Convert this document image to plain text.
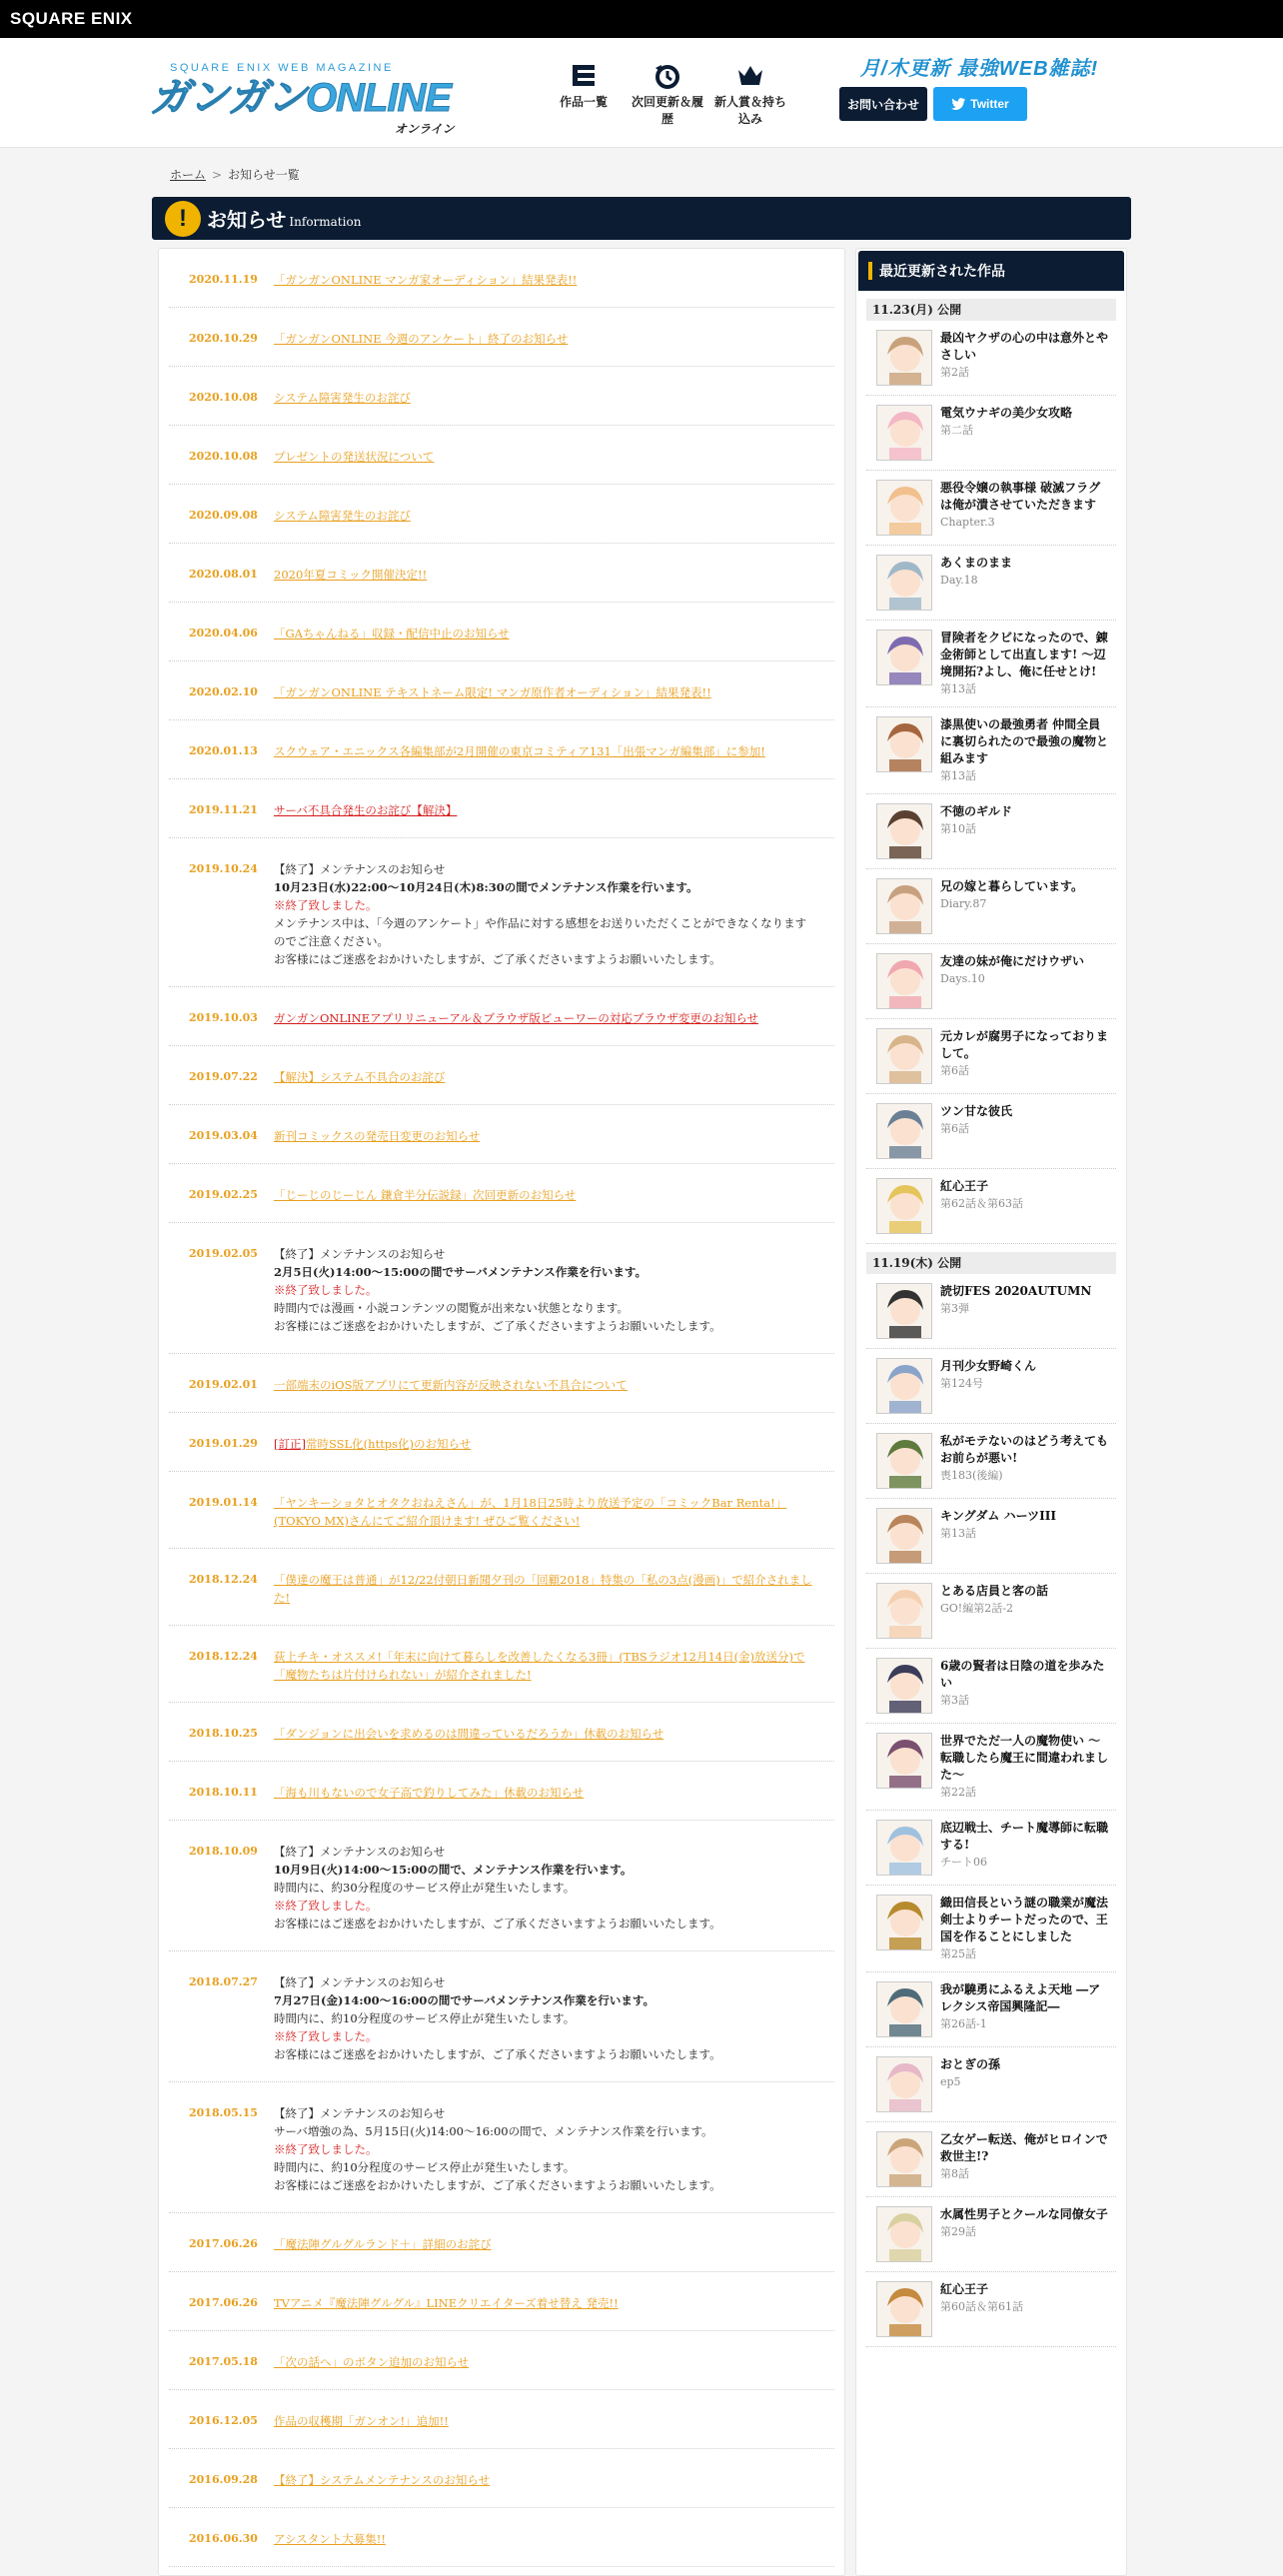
SQUARE ENIX
SQUARE ENIX WEB MAGAZINE
ガンガンONLINE
オンライン
作品一覧	次回更新＆履歴
新人賞＆持ち込み
月/木更新 最強WEB雑誌!
お問い合わせ	Twitter
ホーム > お知らせ一覧
!	お知らせ Information
2020.11.19	「ガンガンONLINE マンガ家オーディション」結果発表!!
2020.10.29	「ガンガンONLINE 今週のアンケート」終了のお知らせ
2020.10.08	システム障害発生のお詫び
2020.10.08	プレゼントの発送状況について
2020.09.08	システム障害発生のお詫び
2020.08.01	2020年夏コミック開催決定!!
2020.04.06	「GAちゃんねる」収録・配信中止のお知らせ
2020.02.10	「ガンガンONLINE テキストネーム限定! マンガ原作者オーディション」結果発表!!
2020.01.13	スクウェア・エニックス各編集部が2月開催の東京コミティア131「出張マンガ編集部」に参加!
2019.11.21	サーバ不具合発生のお詫び【解決】
2019.10.24	【終了】メンテナンスのお知らせ
10月23日(水)22:00～10月24日(木)8:30の間でメンテナンス作業を行います。
※終了致しました。
メンテナンス中は、「今週のアンケート」や作品に対する感想をお送りいただくことができなくなりますのでご注意ください。
お客様にはご迷惑をおかけいたしますが、ご了承くださいますようお願いいたします。
2019.10.03	ガンガンONLINEアプリリニューアル＆ブラウザ版ビューワーの対応ブラウザ変更のお知らせ
2019.07.22	【解決】システム不具合のお詫び
2019.03.04	新刊コミックスの発売日変更のお知らせ
2019.02.25	「じーじのじーじん 鎌倉半分伝説録」次回更新のお知らせ
2019.02.05	【終了】メンテナンスのお知らせ
2月5日(火)14:00～15:00の間でサーバメンテナンス作業を行います。
※終了致しました。
時間内では漫画・小説コンテンツの閲覧が出来ない状態となります。
お客様にはご迷惑をおかけいたしますが、ご了承くださいますようお願いいたします。
2019.02.01	一部端末のiOS版アプリにて更新内容が反映されない不具合について
2019.01.29	[訂正]常時SSL化(https化)のお知らせ
2019.01.14	「ヤンキーショタとオタクおねえさん」が、1月18日25時より放送予定の「コミックBar Renta!」(TOKYO MX)さんにてご紹介頂けます! ぜひご覧ください!
2018.12.24	「僕達の魔王は普通」が12/22付朝日新聞夕刊の「回顧2018」特集の「私の3点(漫画)」で紹介されました!
2018.12.24	荻上チキ・オススメ!「年末に向けて暮らしを改善したくなる3冊」(TBSラジオ12月14日(金)放送分)で「魔物たちは片付けられない」が紹介されました!
2018.10.25	「ダンジョンに出会いを求めるのは間違っているだろうか」休載のお知らせ
2018.10.11	「海も川もないので女子高で釣りしてみた」休載のお知らせ
2018.10.09	【終了】メンテナンスのお知らせ
10月9日(火)14:00～15:00の間で、メンテナンス作業を行います。
時間内に、約30分程度のサービス停止が発生いたします。
※終了致しました。
お客様にはご迷惑をおかけいたしますが、ご了承くださいますようお願いいたします。
2018.07.27	【終了】メンテナンスのお知らせ
7月27日(金)14:00～16:00の間でサーバメンテナンス作業を行います。
時間内に、約10分程度のサービス停止が発生いたします。
※終了致しました。
お客様にはご迷惑をおかけいたしますが、ご了承くださいますようお願いいたします。
2018.05.15	【終了】メンテナンスのお知らせ
サーバ増強の為、5月15日(火)14:00～16:00の間で、メンテナンス作業を行います。
※終了致しました。
時間内に、約10分程度のサービス停止が発生いたします。
お客様にはご迷惑をおかけいたしますが、ご了承くださいますようお願いいたします。
2017.06.26	「魔法陣グルグルランド＋」詳細のお詫び
2017.06.26	TVアニメ『魔法陣グルグル』LINEクリエイターズ着せ替え 発売!!
2017.05.18	「次の話へ」のボタン追加のお知らせ
2016.12.05	作品の収穫期「ガンオン!」追加!!
2016.09.28	【終了】システムメンテナンスのお知らせ
2016.06.30	アシスタント大募集!!
最近更新された作品
11.23(月) 公開
最凶ヤクザの心の中は意外とやさしい
第2話
電気ウナギの美少女攻略
第二話
悪役令嬢の執事様 破滅フラグは俺が潰させていただきます
Chapter.3
あくまのまま
Day.18
冒険者をクビになったので、錬金術師として出直します! ～辺境開拓?よし、俺に任せとけ!
第13話
漆黒使いの最強勇者 仲間全員に裏切られたので最強の魔物と組みます
第13話
不徳のギルド
第10話
兄の嫁と暮らしています。
Diary.87
友達の妹が俺にだけウザい
Days.10
元カレが腐男子になっておりまして。
第6話
ツン甘な彼氏
第6話
紅心王子
第62話＆第63話
11.19(木) 公開
読切FES 2020AUTUMN
第3弾
月刊少女野崎くん
第124号
私がモテないのはどう考えてもお前らが悪い!
喪183(後編)
キングダム ハーツIII
第13話
とある店員と客の話
GO!編第2話-2
6歳の賢者は日陰の道を歩みたい
第3話
世界でただ一人の魔物使い ～転職したら魔王に間違われました～
第22話
底辺戦士、チート魔導師に転職する!
チート06
織田信長という謎の職業が魔法剣士よりチートだったので、王国を作ることにしました
第25話
我が驍勇にふるえよ天地 ―アレクシス帝国興隆記―
第26話-1
おとぎの孫
ep5
乙女ゲー転送、俺がヒロインで救世主!?
第8話
水属性男子とクールな同僚女子
第29話
紅心王子
第60話＆第61話
